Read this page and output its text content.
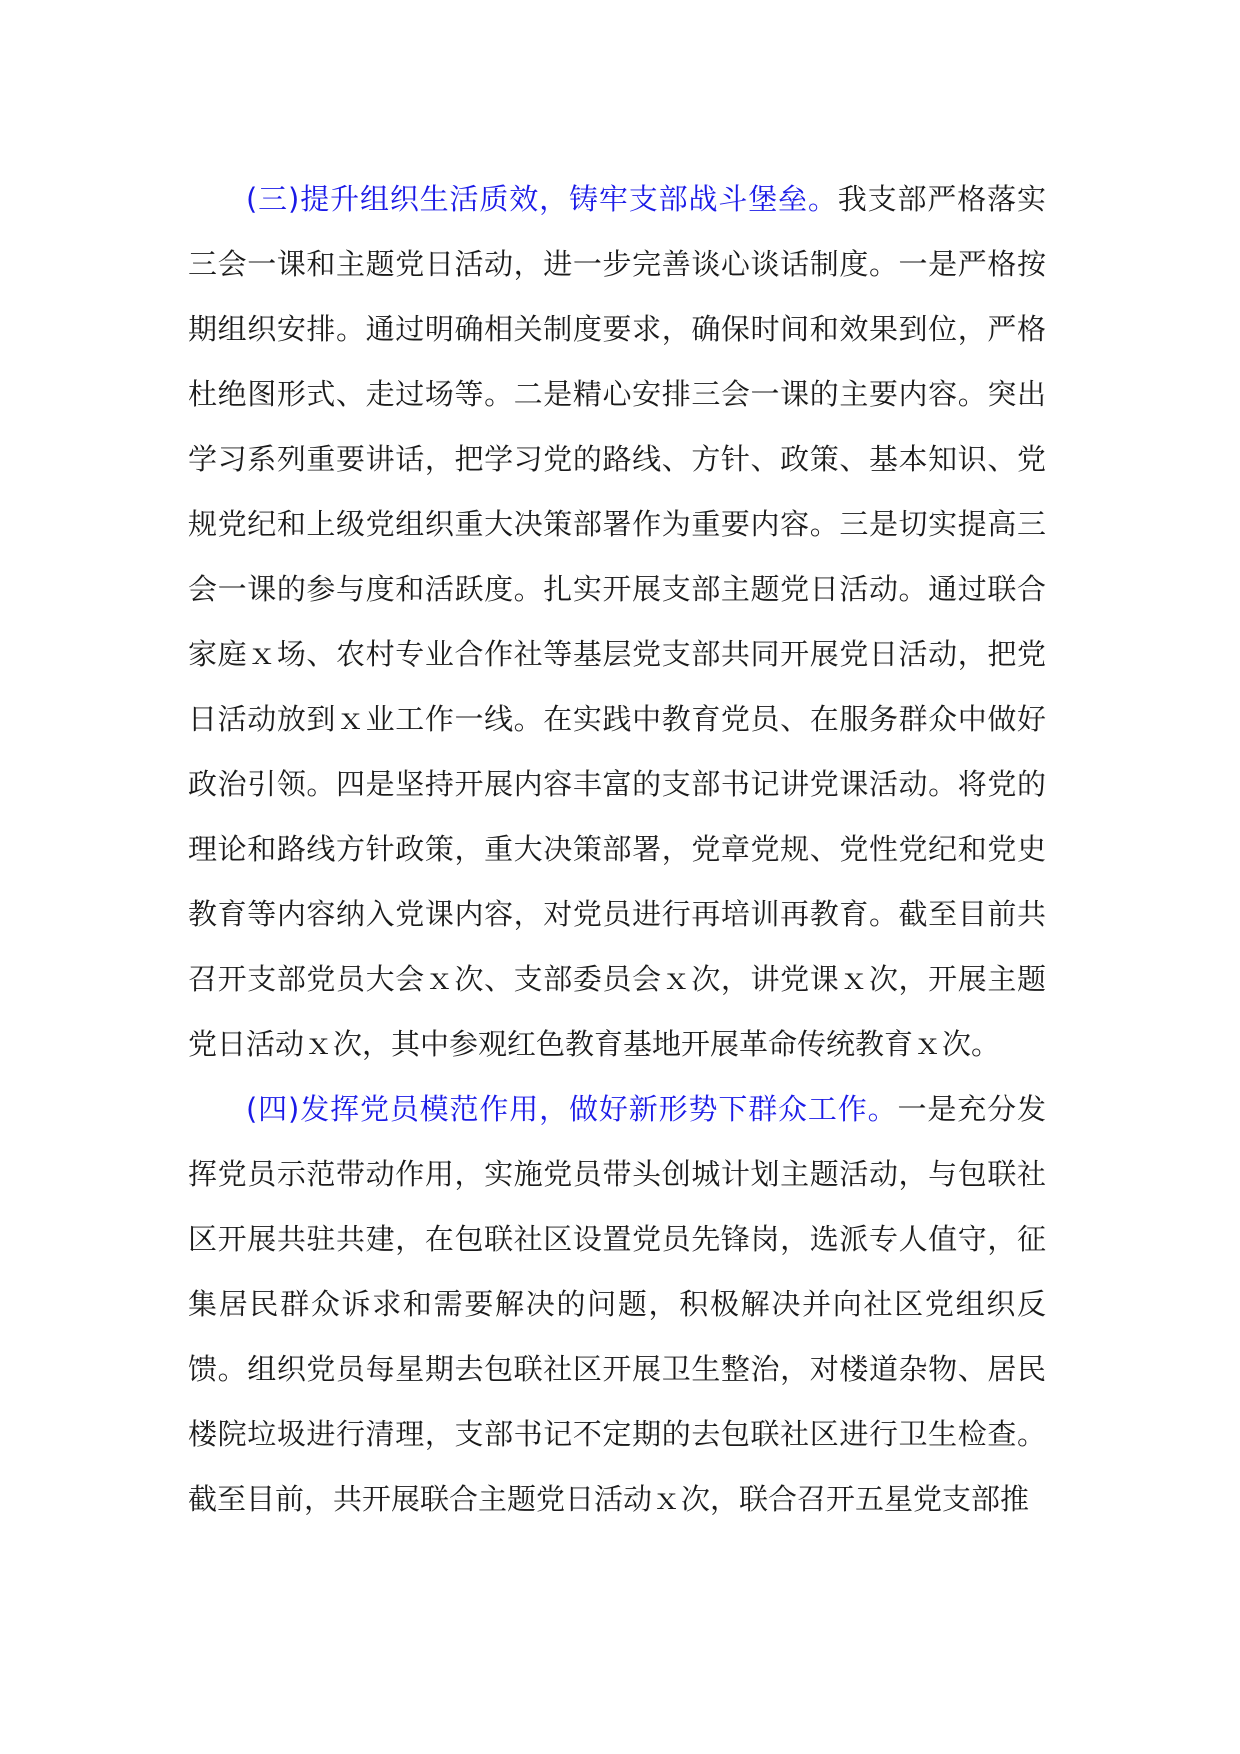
(三)提升组织生活质效，铸牢支部战斗堡垒。我支部严格落实三会一课和主题党日活动，进一步完善谈心谈话制度。一是严格按期组织安排。通过明确相关制度要求，确保时间和效果到位，严格杜绝图形式、走过场等。二是精心安排三会一课的主要内容。突出学习系列重要讲话，把学习党的路线、方针、政策、基本知识、党规党纪和上级党组织重大决策部署作为重要内容。三是切实提高三会一课的参与度和活跃度。扎实开展支部主题党日活动。通过联合家庭ｘ场、农村专业合作社等基层党支部共同开展党日活动，把党日活动放到ｘ业工作一线。在实践中教育党员、在服务群众中做好政治引领。四是坚持开展内容丰富的支部书记讲党课活动。将党的理论和路线方针政策，重大决策部署，党章党规、党性党纪和党史教育等内容纳入党课内容，对党员进行再培训再教育。截至目前共召开支部党员大会ｘ次、支部委员会ｘ次，讲党课ｘ次，开展主题党日活动ｘ次，其中参观红色教育基地开展革命传统教育ｘ次。

(四)发挥党员模范作用，做好新形势下群众工作。一是充分发挥党员示范带动作用，实施党员带头创城计划主题活动，与包联社区开展共驻共建，在包联社区设置党员先锋岗，选派专人值守，征集居民群众诉求和需要解决的问题，积极解决并向社区党组织反馈。组织党员每星期去包联社区开展卫生整治，对楼道杂物、居民楼院垃圾进行清理，支部书记不定期的去包联社区进行卫生检查。截至目前，共开展联合主题党日活动ｘ次，联合召开五星党支部推
